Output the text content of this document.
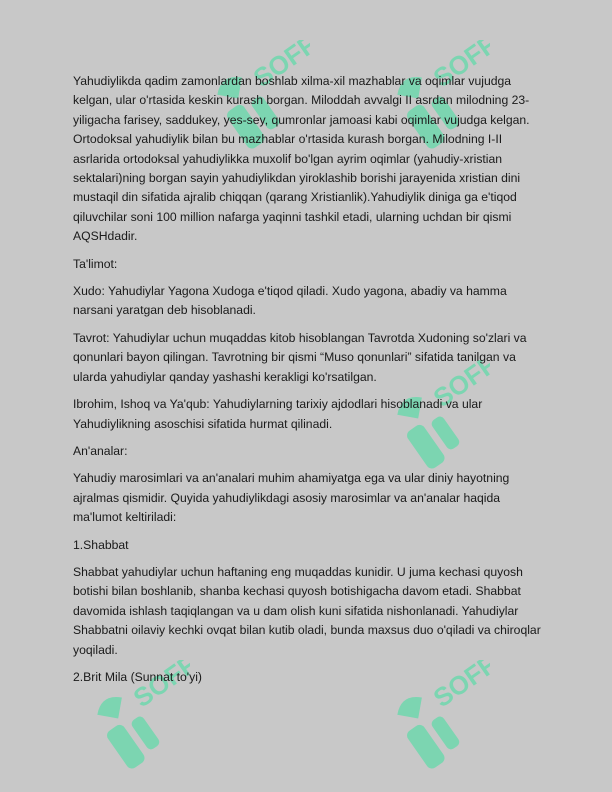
SOFF	SOFF
SOFF
SOFF	SOFF

Yahudiylikda qadim zamonlardan boshlab xilma-xil mazhablar va oqimlar vujudga kelgan, ular o'rtasida keskin kurash borgan. Miloddah avvalgi II asrdan milodning 23-yiligacha farisey, saddukey, yes-sey, qumronlar jamoasi kabi oqimlar vujudga kelgan. Ortodoksal yahudiylik bilan bu mazhablar o'rtasida kurash borgan. Milodning I-II asrlarida ortodoksal yahudiylikka muxolif bo'lgan ayrim oqimlar (yahudiy-xristian sektalari)ning borgan sayin yahudiylikdan yiroklashib borishi jarayenida xristian dini mustaqil din sifatida ajralib chiqqan (qarang Xristianlik).Yahudiylik diniga ga e'tiqod qiluvchilar soni 100 million nafarga yaqinni tashkil etadi, ularning uchdan bir qismi AQSHdadir.

Ta'limot:

Xudo: Yahudiylar Yagona Xudoga e'tiqod qiladi. Xudo yagona, abadiy va hamma narsani yaratgan deb hisoblanadi.

Tavrot: Yahudiylar uchun muqaddas kitob hisoblangan Tavrotda Xudoning so'zlari va qonunlari bayon qilingan. Tavrotning bir qismi “Muso qonunlari” sifatida tanilgan va ularda yahudiylar qanday yashashi kerakligi ko'rsatilgan.

Ibrohim, Ishoq va Ya'qub: Yahudiylarning tarixiy ajdodlari hisoblanadi va ular Yahudiylikning asoschisi sifatida hurmat qilinadi.

An'analar:

Yahudiy marosimlari va an'analari muhim ahamiyatga ega va ular diniy hayotning ajralmas qismidir. Quyida yahudiylikdagi asosiy marosimlar va an'analar haqida ma'lumot keltiriladi:

1.Shabbat

Shabbat yahudiylar uchun haftaning eng muqaddas kunidir. U juma kechasi quyosh botishi bilan boshlanib, shanba kechasi quyosh botishigacha davom etadi. Shabbat davomida ishlash taqiqlangan va u dam olish kuni sifatida nishonlanadi. Yahudiylar Shabbatni oilaviy kechki ovqat bilan kutib oladi, bunda maxsus duo o'qiladi va chiroqlar yoqiladi.

2.Brit Mila (Sunnat to'yi)
